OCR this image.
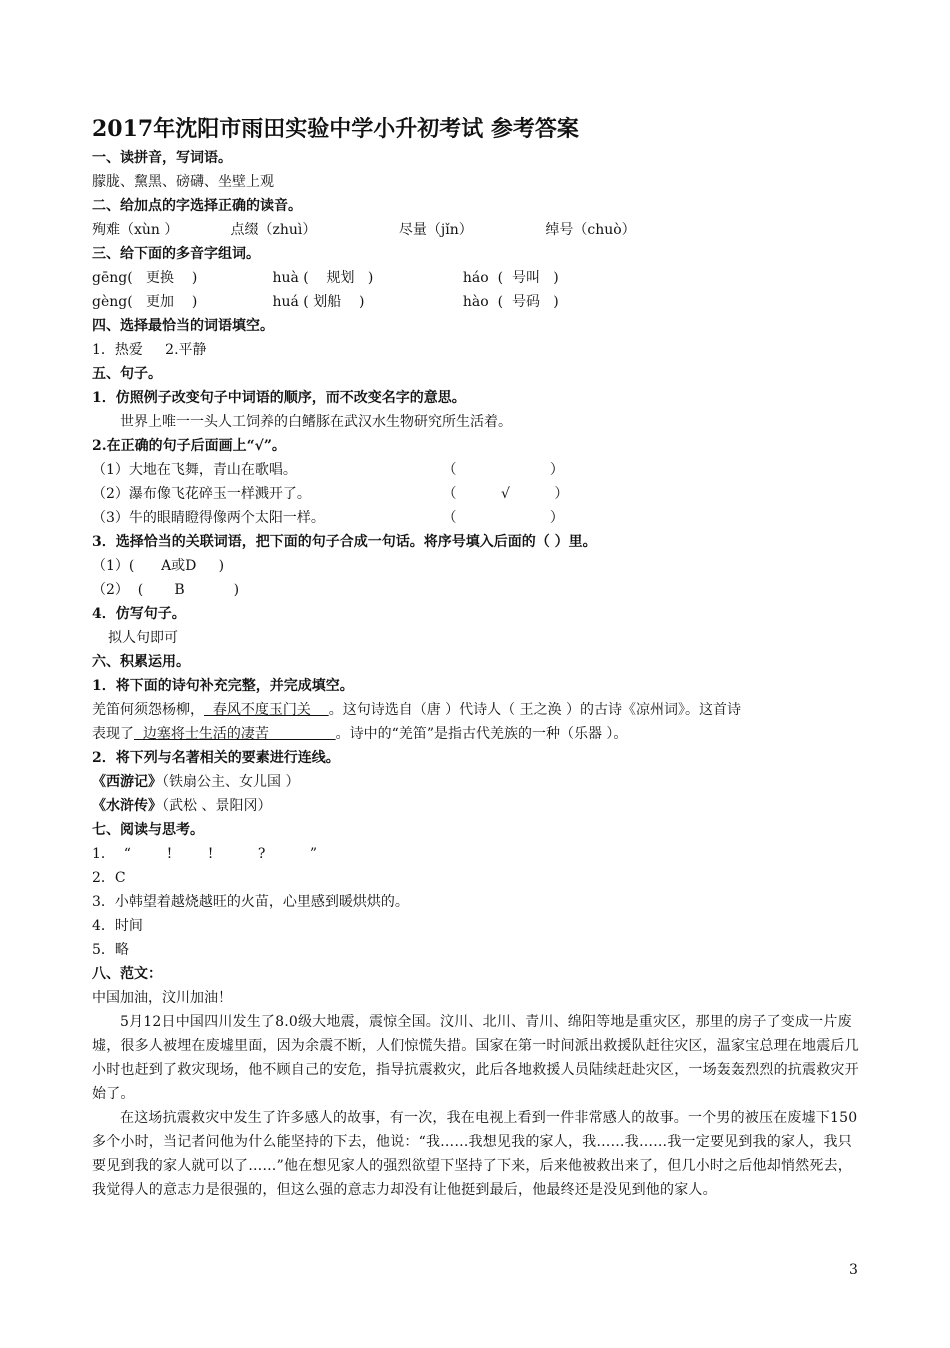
2017年沈阳市雨田实验中学小升初考试 参考答案
一、读拼音，写词语。
朦胧、黧黑、磅礴、坐壁上观
二、给加点的字选择正确的读音。
殉难（xùn ）	点缀（zhuì）	尽量（jǐn）	绰号（chuò）
三、给下面的多音字组词。
gēng(   更换    )	huà (    规划   )	háo  (  号叫   )
gèng(   更加    )	huá ( 划船    )	hào  (  号码   )
四、选择最恰当的词语填空。
1．热爱     2.平静
五、句子。
1．仿照例子改变句子中词语的顺序，而不改变名字的意思。
世界上唯一一头人工饲养的白鳍豚在武汉水生物研究所生活着。
2.在正确的句子后面画上“√”。
（1）大地在飞舞，青山在歌唱。	（                     ）
（2）瀑布像飞花碎玉一样溅开了。	（          √          ）
（3）牛的眼睛瞪得像两个太阳一样。	（                     ）
3．选择恰当的关联词语，把下面的句子合成一句话。将序号填入后面的（ ）里。
（1）(      A或D     )
（2）  (       B           )
4．仿写句子。
拟人句即可
六、积累运用。
1．将下面的诗句补充完整，并完成填空。
羌笛何须怨杨柳，  春风不度玉门关    。这句诗选自（唐 ）代诗人（ 王之涣 ）的古诗《凉州词》。这首诗
表现了  边塞将士生活的凄苦               。诗中的“羌笛”是指古代羌族的一种（乐器 ）。
2．将下列与名著相关的要素进行连线。
《西游记》（铁扇公主、女儿国 ）
《水浒传》（武松 、景阳冈）
七、阅读与思考。
1．  “        !        !          ?          ”
2．C
3．小韩望着越烧越旺的火苗，心里感到暖烘烘的。
4．时间
5．略
八、范文：
中国加油，汶川加油！

5月12日中国四川发生了8.0级大地震，震惊全国。汶川、北川、青川、绵阳等地是重灾区，那里的房子了变成一片废墟，很多人被埋在废墟里面，因为余震不断，人们惊慌失措。国家在第一时间派出救援队赶往灾区，温家宝总理在地震后几小时也赶到了救灾现场，他不顾自己的安危，指导抗震救灾，此后各地救援人员陆续赶赴灾区，一场轰轰烈烈的抗震救灾开始了。

在这场抗震救灾中发生了许多感人的故事，有一次，我在电视上看到一件非常感人的故事。一个男的被压在废墟下150多个小时，当记者问他为什么能坚持的下去，他说：“我……我想见我的家人，我……我……我一定要见到我的家人，我只要见到我的家人就可以了……”他在想见家人的强烈欲望下坚持了下来，后来他被救出来了，但几小时之后他却悄然死去，我觉得人的意志力是很强的，但这么强的意志力却没有让他挺到最后，他最终还是没见到他的家人。

3
